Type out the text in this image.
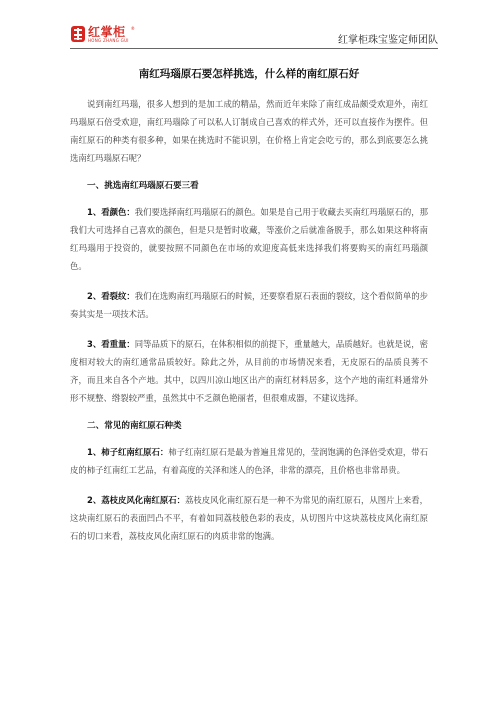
红掌柜
HONG ZHANG GUI
®
红掌柜珠宝鉴定师团队
南红玛瑙原石要怎样挑选，什么样的南红原石好

说到南红玛瑙，很多人想到的是加工成的精品，然而近年来除了南红成品颇受欢迎外，南红玛瑙原石倍受欢迎，南红玛瑙除了可以私人订制成自己喜欢的样式外，还可以直接作为摆件。但南红原石的种类有很多种，如果在挑选时不能识别，在价格上肯定会吃亏的，那么到底要怎么挑选南红玛瑙原石呢？

一、挑选南红玛瑙原石要三看

1、看颜色：我们要选择南红玛瑙原石的颜色。如果是自己用于收藏去买南红玛瑙原石的，那我们大可选择自己喜欢的颜色，但是只是暂时收藏，等涨价之后就准备脱手，那么如果这种将南红玛瑙用于投资的，就要按照不同颜色在市场的欢迎度高低来选择我们将要购买的南红玛瑙颜色。

2、看裂纹：我们在选购南红玛瑙原石的时候，还要察看原石表面的裂纹，这个看似简单的步奏其实是一项技术活。

3、看重量：同等品质下的原石，在体积相似的前提下，重量越大，品质越好。也就是说，密度相对较大的南红通常品质较好。除此之外，从目前的市场情况来看，无皮原石的品质良莠不齐，而且来自各个产地。其中，以四川凉山地区出产的南红材料居多，这个产地的南红料通常外形不规整、绺裂较严重，虽然其中不乏颜色艳丽者，但很难成器，不建议选择。

二、常见的南红原石种类

1、柿子红南红原石：柿子红南红原石是最为普遍且常见的，莹润饱满的色泽倍受欢迎，带石皮的柿子红南红工艺品，有着高度的关泽和迷人的色泽，非常的漂亮，且价格也非常昂贵。

2、荔枝皮风化南红原石：荔枝皮风化南红原石是一种不为常见的南红原石，从图片上来看，这块南红原石的表面凹凸不平，有着如同荔枝般色彩的表皮，从切图片中这块荔枝皮风化南红原石的切口来看，荔枝皮风化南红原石的肉质非常的饱满。
